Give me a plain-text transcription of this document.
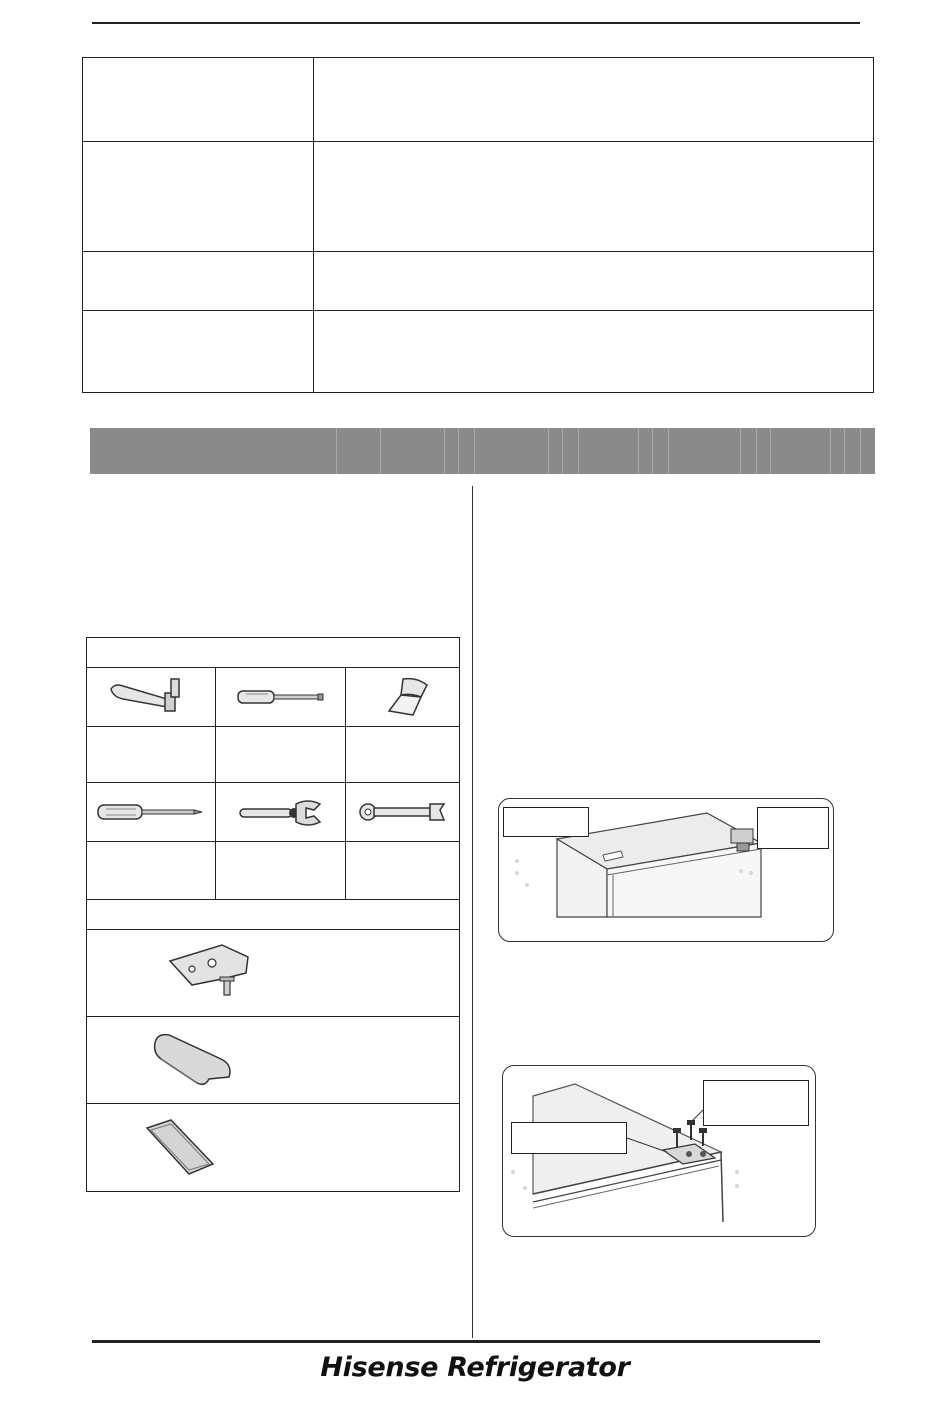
Hisense Refrigerator
